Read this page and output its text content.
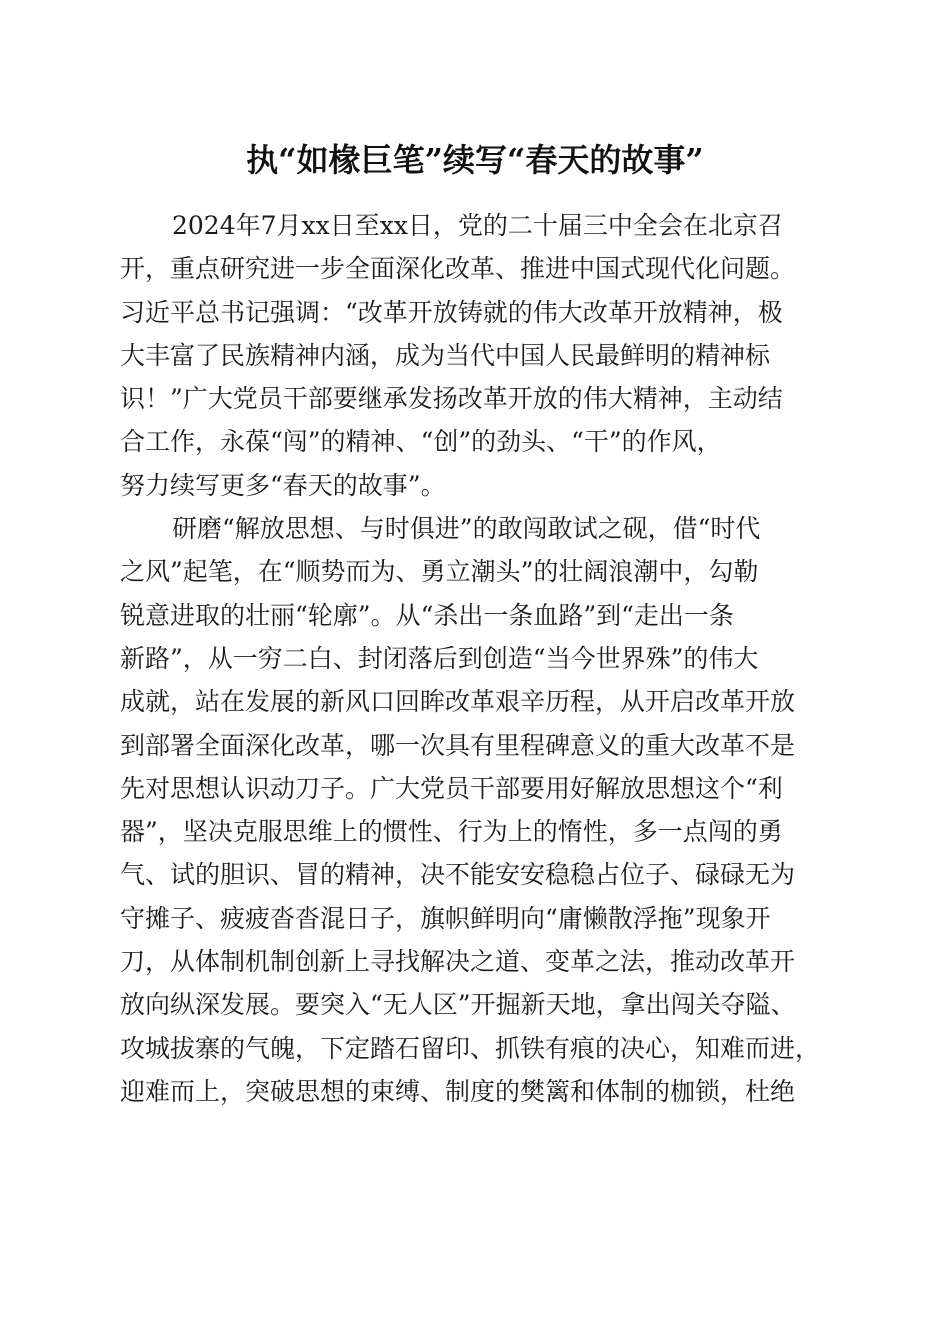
执“如椽巨笔”续写“春天的故事”
2024年7月xx日至xx日，党的二十届三中全会在北京召
开，重点研究进一步全面深化改革、推进中国式现代化问题。
习近平总书记强调：“改革开放铸就的伟大改革开放精神，极
大丰富了民族精神内涵，成为当代中国人民最鲜明的精神标
识！”广大党员干部要继承发扬改革开放的伟大精神，主动结
合工作，永葆“闯”的精神、“创”的劲头、“干”的作风，
努力续写更多“春天的故事”。
研磨“解放思想、与时俱进”的敢闯敢试之砚，借“时代
之风”起笔，在“顺势而为、勇立潮头”的壮阔浪潮中，勾勒
锐意进取的壮丽“轮廓”。从“杀出一条血路”到“走出一条
新路”，从一穷二白、封闭落后到创造“当今世界殊”的伟大
成就，站在发展的新风口回眸改革艰辛历程，从开启改革开放
到部署全面深化改革，哪一次具有里程碑意义的重大改革不是
先对思想认识动刀子。广大党员干部要用好解放思想这个“利
器”，坚决克服思维上的惯性、行为上的惰性，多一点闯的勇
气、试的胆识、冒的精神，决不能安安稳稳占位子、碌碌无为
守摊子、疲疲沓沓混日子，旗帜鲜明向“庸懒散浮拖”现象开
刀，从体制机制创新上寻找解决之道、变革之法，推动改革开
放向纵深发展。要突入“无人区”开掘新天地，拿出闯关夺隘、
攻城拔寨的气魄，下定踏石留印、抓铁有痕的决心，知难而进，
迎难而上，突破思想的束缚、制度的樊篱和体制的枷锁，杜绝
